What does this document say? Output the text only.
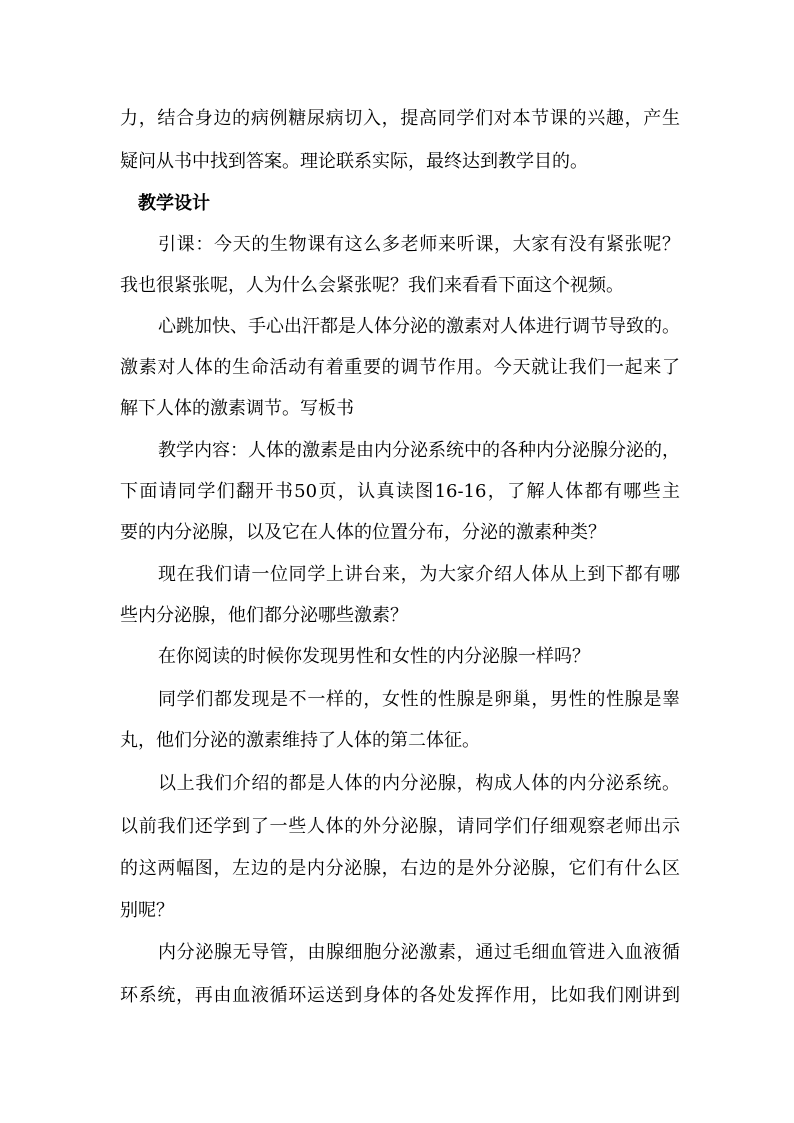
力，结合身边的病例糖尿病切入，提高同学们对本节课的兴趣，产生
疑问从书中找到答案。理论联系实际，最终达到教学目的。
教学设计
引课：今天的生物课有这么多老师来听课，大家有没有紧张呢？
我也很紧张呢，人为什么会紧张呢？我们来看看下面这个视频。
心跳加快、手心出汗都是人体分泌的激素对人体进行调节导致的。
激素对人体的生命活动有着重要的调节作用。今天就让我们一起来了
解下人体的激素调节。写板书
教学内容：人体的激素是由内分泌系统中的各种内分泌腺分泌的，
下面请同学们翻开书50页，认真读图16-16，了解人体都有哪些主
要的内分泌腺，以及它在人体的位置分布，分泌的激素种类？
现在我们请一位同学上讲台来，为大家介绍人体从上到下都有哪
些内分泌腺，他们都分泌哪些激素？
在你阅读的时候你发现男性和女性的内分泌腺一样吗？
同学们都发现是不一样的，女性的性腺是卵巢，男性的性腺是睾
丸，他们分泌的激素维持了人体的第二体征。
以上我们介绍的都是人体的内分泌腺，构成人体的内分泌系统。
以前我们还学到了一些人体的外分泌腺，请同学们仔细观察老师出示
的这两幅图，左边的是内分泌腺，右边的是外分泌腺，它们有什么区
别呢？
内分泌腺无导管，由腺细胞分泌激素，通过毛细血管进入血液循
环系统，再由血液循环运送到身体的各处发挥作用，比如我们刚讲到
